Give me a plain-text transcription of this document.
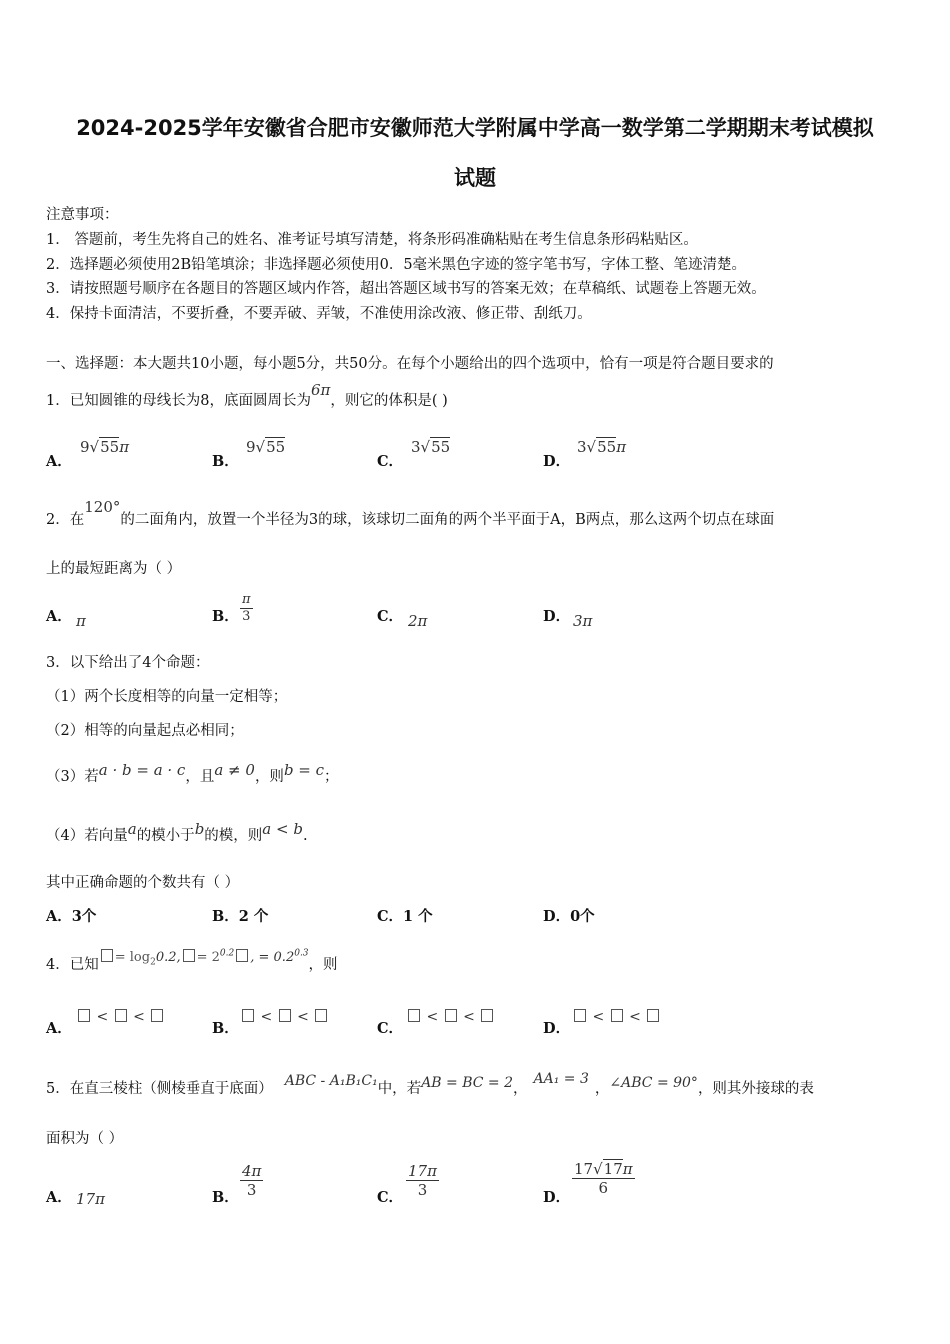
2024-2025学年安徽省合肥市安徽师范大学附属中学高一数学第二学期期末考试模拟
试题
注意事项：
1． 答题前，考生先将自己的姓名、准考证号填写清楚，将条形码准确粘贴在考生信息条形码粘贴区。
2．选择题必须使用2B铅笔填涂；非选择题必须使用0．5毫米黑色字迹的签字笔书写，字体工整、笔迹清楚。
3．请按照题号顺序在各题目的答题区域内作答，超出答题区域书写的答案无效；在草稿纸、试题卷上答题无效。
4．保持卡面清洁，不要折叠，不要弄破、弄皱，不准使用涂改液、修正带、刮纸刀。
一、选择题：本大题共10小题，每小题5分，共50分。在每个小题给出的四个选项中，恰有一项是符合题目要求的
1．已知圆锥的母线长为8，底面圆周长为6π，则它的体积是( )
A．
9√55π
B．
9√55
C．
3√55
D．
3√55π
2．在120°的二面角内，放置一个半径为3的球，该球切二面角的两个半平面于A，B两点，那么这两个切点在球面
上的最短距离为（ ）
A． π	B． $\frac{\pi}{3}$	C． 2π	D． 3π
3．以下给出了4个命题：
（1）两个长度相等的向量一定相等；
（2）相等的向量起点必相同；
（3）若a · b = a · c，且a ≠ 0，则b = c；
（4）若向量a的模小于b的模，则a < b.
其中正确命题的个数共有（ ）
A．3个	B．2 个	C．1 个	D．0个
4．已知 = $\log_20.2$, = $2^{0.2}$ , = $0.2^{0.3}$，则
A．
< <
B．
< <
C．
< <
D．
< <
5．在直三棱柱（侧棱垂直于底面） ABC - A₁B₁C₁中，若AB = BC = 2，AA₁ = 3，∠ABC = 90°，则其外接球的表
面积为（ ）
A． 17π	B． $\frac{4\pi}{3}$	C． $\frac{17\pi}{3}$	D．
$\frac{17√17\pi}{6}$
